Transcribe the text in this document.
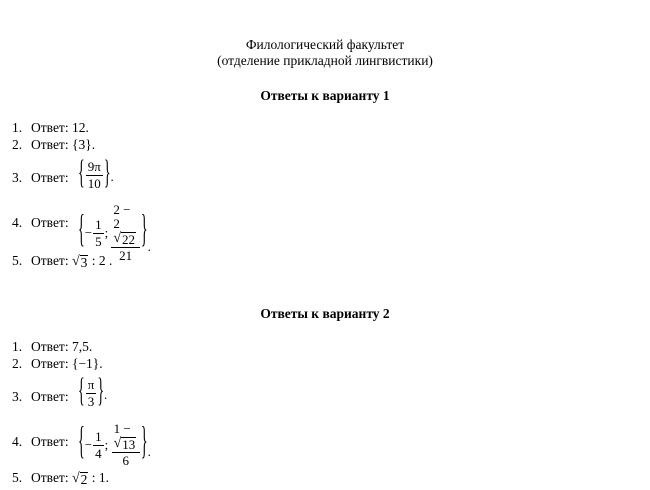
Филологический факультет
(отделение прикладной лингвистики)
Ответы к варианту 1
1. Ответ: 12.
2. Ответ: {3}.
3. Ответ: { $\frac{9\pi}{10}$ } .
4. Ответ: { − $\frac{1}{5}$ ; 2 − 2
√ 22
21 } .
5. Ответ: √ 3 : 2 .
Ответы к варианту 2
1. Ответ: 7,5.
2. Ответ: {−1}.
3. Ответ: { $\frac{\pi}{3}$ } .
4. Ответ: { − $\frac{1}{4}$ ; 1 −
√ 13
6 } .
5. Ответ: √ 2 : 1.
